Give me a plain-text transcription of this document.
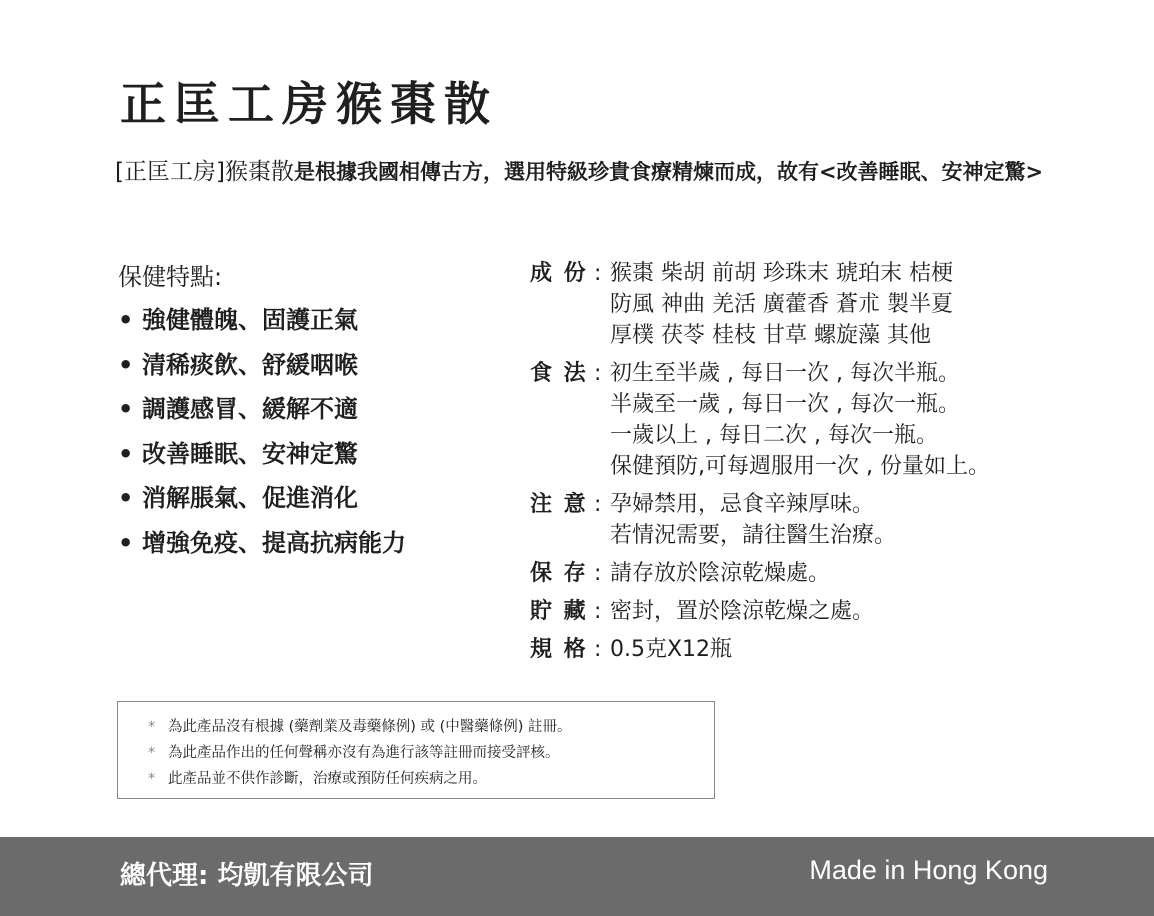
正匡工房猴棗散
[正匡工房]猴棗散是根據我國相傳古方，選用特級珍貴食療精煉而成，故有<改善睡眠、安神定驚>
保健特點:
• 強健體魄、固護正氣
• 清稀痰飲、舒緩咽喉
• 調護感冒、緩解不適
• 改善睡眠、安神定驚
• 消解脹氣、促進消化
• 增強免疫、提高抗病能力
成 份 : 猴棗 柴胡 前胡 珍珠末 琥珀末 桔梗
防風 神曲 羌活 廣藿香 蒼朮 製半夏
厚樸 茯苓 桂枝 甘草 螺旋藻 其他
食 法 : 初生至半歲 , 每日一次 , 每次半瓶。
半歲至一歲 , 每日一次 , 每次一瓶。
一歲以上 , 每日二次 , 每次一瓶。
保健預防,可每週服用一次 , 份量如上。
注 意 : 孕婦禁用，忌食辛辣厚味。
若情況需要，請往醫生治療。
保 存 : 請存放於陰涼乾燥處。
貯 藏 : 密封，置於陰涼乾燥之處。
規 格 : 0.5克X12瓶
* 為此產品沒有根據 (藥劑業及毒藥條例) 或 (中醫藥條例) 註冊。
* 為此產品作出的任何聲稱亦沒有為進行該等註冊而接受評核。
* 此產品並不供作診斷，治療或預防任何疾病之用。
總代理: 均凱有限公司	Made in Hong Kong
